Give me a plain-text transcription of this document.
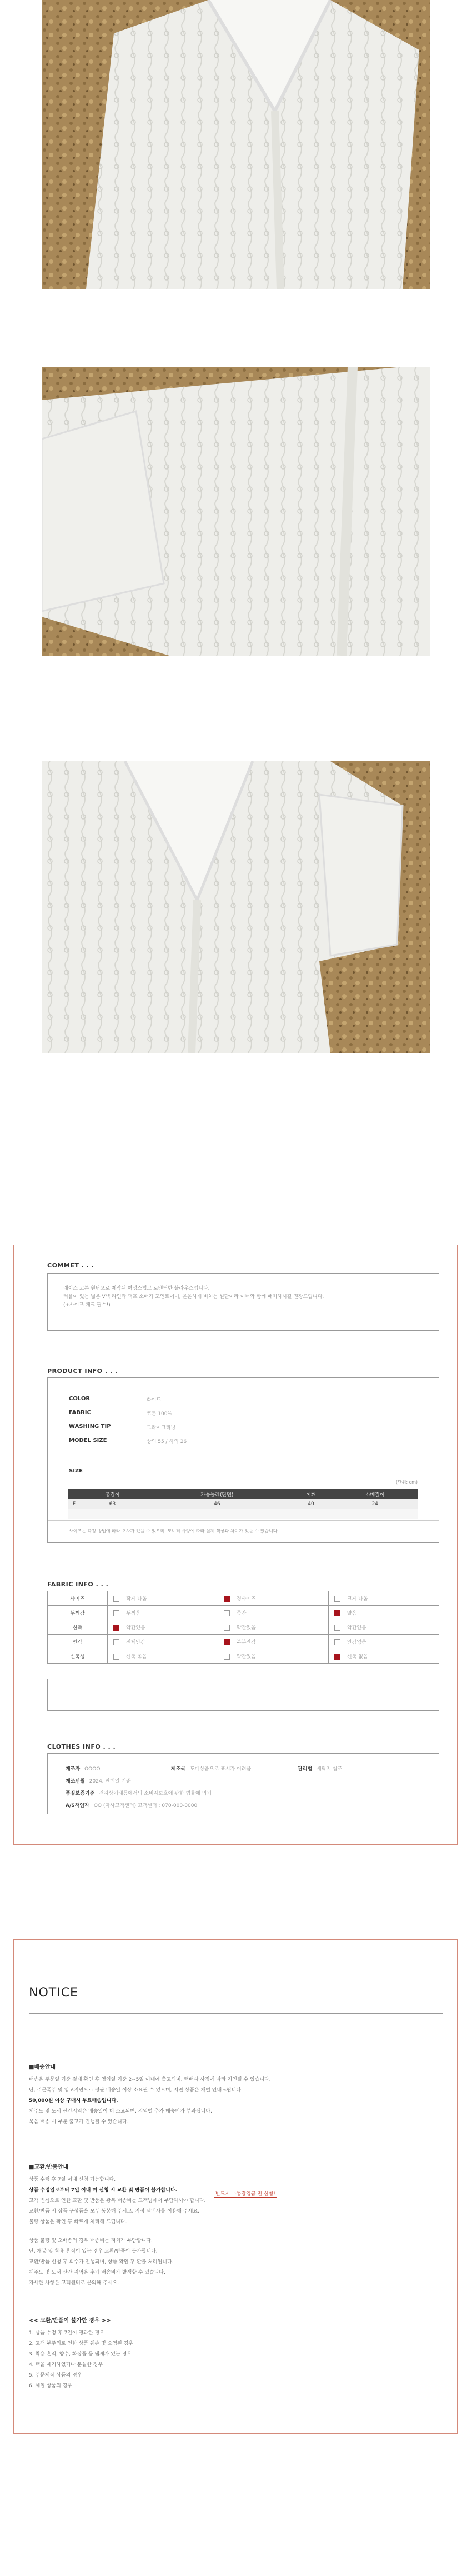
COMMET . . .
레이스 코튼 원단으로 제작된 여성스럽고 로맨틱한 블라우스입니다.
러플이 있는 넓은 V넥 라인과 퍼프 소매가 포인트이며, 은은하게 비치는 원단이라 이너와 함께 매치하시길 권장드립니다.
(+사이즈 체크 필수!)
PRODUCT INFO . . .
COLOR	화이트
FABRIC	코튼 100%
WASHING TIP	드라이크리닝
MODEL SIZE	상의 55 / 하의 26
SIZE
(단위: cm)
	총길이	가슴둘레(단면)	어깨	소매길이
F	63	46	40	24

사이즈는 측정 방법에 따라 오차가 있을 수 있으며, 모니터 사양에 따라 실제 색상과 차이가 있을 수 있습니다.
FABRIC INFO . . .
사이즈	작게 나옴	정사이즈	크게 나옴
두께감	두꺼움	중간	얇음
신축	약간있음	약간있음	약간없음
안감	전체안감	부분안감	안감없음
신축성	신축 좋음	약간있음	신축 없음
CLOTHES INFO . . .
제조자 OOOO	제조국 도매상품으로 표시가 어려움	관리법 세탁지 참조
제조년월 2024. 판매일 기준
품질보증기준 전자상거래등에서의 소비자보호에 관한 법률에 의거
A/S책임자 OO (자사고객센터) 고객센터 : 070-000-0000
NOTICE
■배송안내
배송은 주문일 기준 결제 확인 후 영업일 기준 2~5일 이내에 출고되며, 택배사 사정에 따라 지연될 수 있습니다.
단, 주문폭주 및 입고지연으로 평균 배송일 이상 소요될 수 있으며, 지연 상품은 개별 안내드립니다.
50,000원 이상 구매시 무료배송입니다.
제주도 및 도서 산간지역은 배송일이 더 소요되며, 지역별 추가 배송비가 부과됩니다.
묶음 배송 시 부분 출고가 진행될 수 있습니다.
■교환/반품안내
상품 수령 후 7일 이내 신청 가능합니다.
상품 수령일로부터 7일 이내 미 신청 시 교환 및 반품이 불가합니다.
고객 변심으로 인한 교환 및 반품은 왕복 배송비를 고객님께서 부담하셔야 합니다.
교환/반품 시 상품 구성품을 모두 동봉해 주시고, 지정 택배사를 이용해 주세요.
불량 상품은 확인 후 빠르게 처리해 드립니다.
반드시 무통장입금 전 신청!
상품 불량 및 오배송의 경우 배송비는 저희가 부담합니다.
단, 개봉 및 착용 흔적이 있는 경우 교환/반품이 불가합니다.
교환/반품 신청 후 회수가 진행되며, 상품 확인 후 환불 처리됩니다.
제주도 및 도서 산간 지역은 추가 배송비가 발생할 수 있습니다.
자세한 사항은 고객센터로 문의해 주세요.
<< 교환/반품이 불가한 경우 >>
1. 상품 수령 후 7일이 경과한 경우
2. 고객 부주의로 인한 상품 훼손 및 오염된 경우
3. 착용 흔적, 향수, 화장품 등 냄새가 있는 경우
4. 택을 제거하였거나 분실한 경우
5. 주문제작 상품의 경우
6. 세일 상품의 경우
